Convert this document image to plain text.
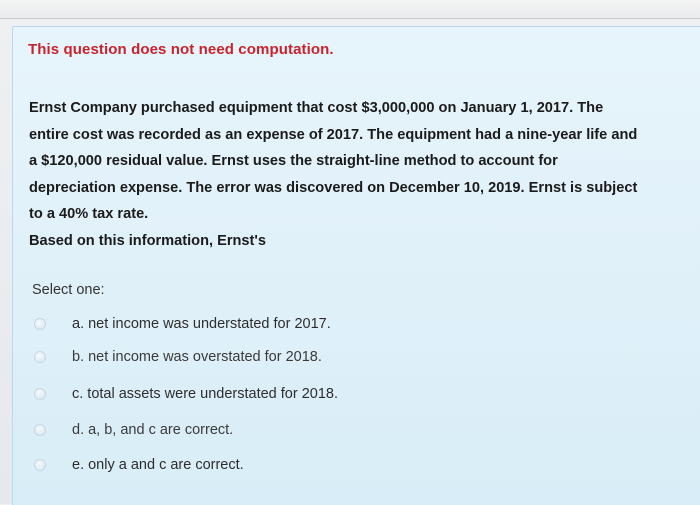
This question does not need computation.

Ernst Company purchased equipment that cost $3,000,000 on January 1, 2017. The

entire cost was recorded as an expense of 2017. The equipment had a nine-year life and

a $120,000 residual value. Ernst uses the straight-line method to account for

depreciation expense. The error was discovered on December 10, 2019. Ernst is subject

to a 40% tax rate.

Based on this information, Ernst's

Select one:
a. net income was understated for 2017.
b. net income was overstated for 2018.
c. total assets were understated for 2018.
d. a, b, and c are correct.
e. only a and c are correct.
